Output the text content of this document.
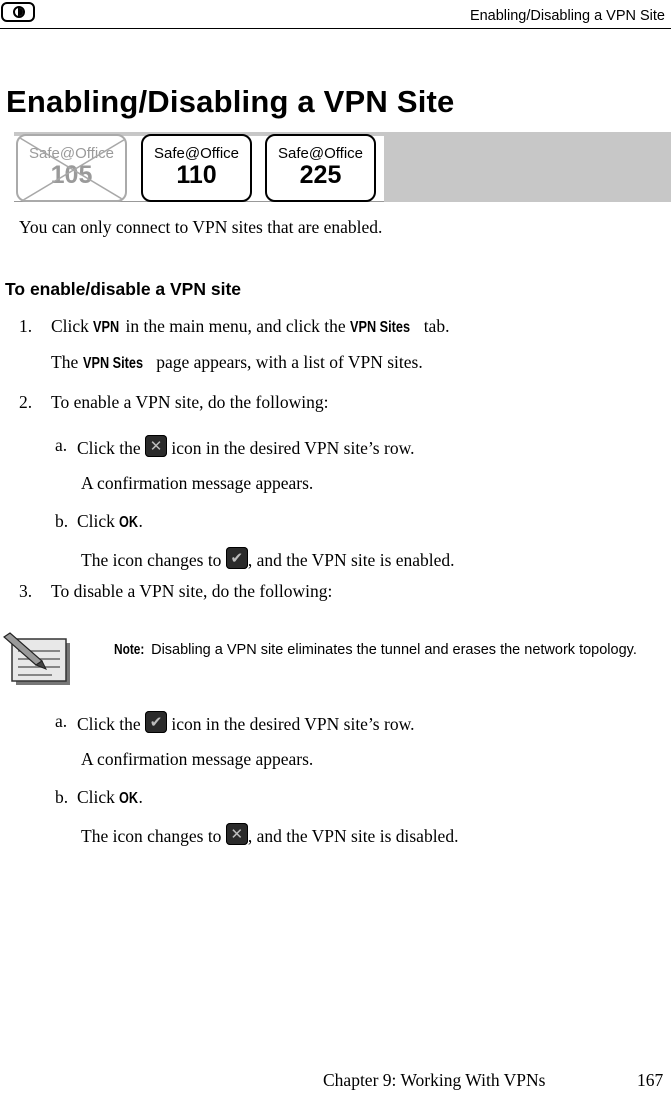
Enabling/Disabling a VPN Site
Enabling/Disabling a VPN Site
Safe@Office
105
Safe@Office
110
Safe@Office
225
You can only connect to VPN sites that are enabled.
To enable/disable a VPN site
1. Click VPN in the main menu, and click the VPN Sites tab.
The VPN Sites page appears, with a list of VPN sites.
2. To enable a VPN site, do the following:
a. Click the ✕ icon in the desired VPN site’s row.
A confirmation message appears.
b. Click OK.
The icon changes to ✔ , and the VPN site is enabled.
3. To disable a VPN site, do the following:
Note: Disabling a VPN site eliminates the tunnel and erases the network topology.
a. Click the ✔ icon in the desired VPN site’s row.
A confirmation message appears.
b. Click OK.
The icon changes to ✕ , and the VPN site is disabled.
Chapter 9: Working With VPNs	167
